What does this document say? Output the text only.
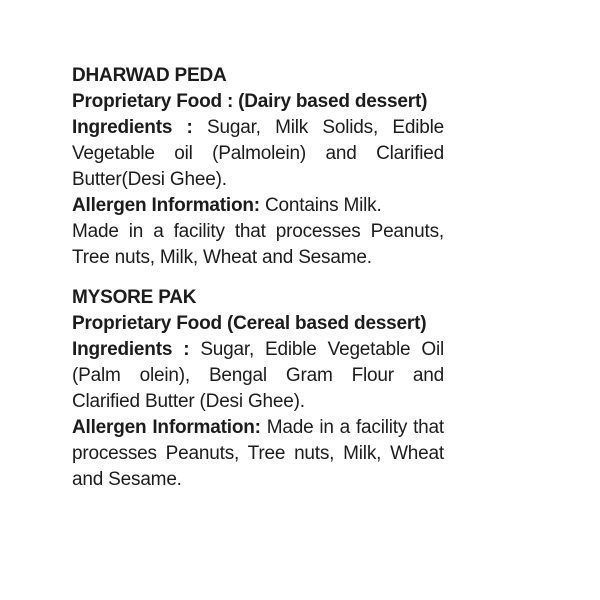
DHARWAD PEDA

Proprietary Food : (Dairy based dessert)

Ingredients : Sugar, Milk Solids, Edible Vegetable oil (Palmolein) and Clarified Butter(Desi Ghee).

Allergen Information: Contains Milk.

Made in a facility that processes Peanuts, Tree nuts, Milk, Wheat and Sesame.

MYSORE PAK

Proprietary Food (Cereal based dessert)

Ingredients : Sugar, Edible Vegetable Oil (Palm olein), Bengal Gram Flour and Clarified Butter (Desi Ghee).

Allergen Information: Made in a facility that processes Peanuts, Tree nuts, Milk, Wheat and Sesame.
